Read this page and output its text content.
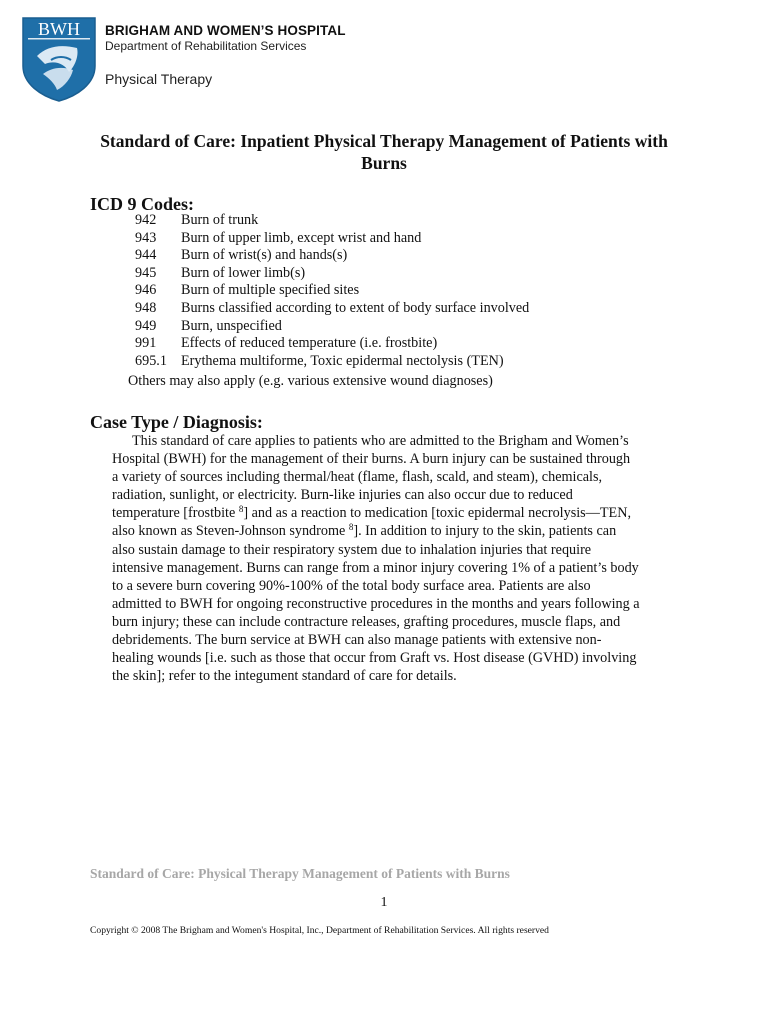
BWH BRIGHAM AND WOMEN’S HOSPITAL
Department of Rehabilitation Services
Physical Therapy
Standard of Care: Inpatient Physical Therapy Management of Patients with Burns
ICD 9 Codes:
942	Burn of trunk
943	Burn of upper limb, except wrist and hand
944	Burn of wrist(s) and hands(s)
945	Burn of lower limb(s)
946	Burn of multiple specified sites
948	Burns classified according to extent of body surface involved
949	Burn, unspecified
991	Effects of reduced temperature (i.e. frostbite)
695.1 Erythema multiforme, Toxic epidermal nectolysis (TEN)
Others may also apply (e.g. various extensive wound diagnoses)
Case Type / Diagnosis:

This standard of care applies to patients who are admitted to the Brigham and Women’s
Hospital (BWH) for the management of their burns. A burn injury can be sustained through
a variety of sources including thermal/heat (flame, flash, scald, and steam), chemicals,
radiation, sunlight, or electricity. Burn-like injuries can also occur due to reduced
temperature [frostbite $^8$] and as a reaction to medication [toxic epidermal necrolysis—TEN,
also known as Steven-Johnson syndrome $^8$]. In addition to injury to the skin, patients can
also sustain damage to their respiratory system due to inhalation injuries that require
intensive management. Burns can range from a minor injury covering 1% of a patient’s body
to a severe burn covering 90%-100% of the total body surface area. Patients are also
admitted to BWH for ongoing reconstructive procedures in the months and years following a
burn injury; these can include contracture releases, grafting procedures, muscle flaps, and
debridements. The burn service at BWH can also manage patients with extensive non-
healing wounds [i.e. such as those that occur from Graft vs. Host disease (GVHD) involving
the skin]; refer to the integument standard of care for details.

Standard of Care: Physical Therapy Management of Patients with Burns
1
Copyright © 2008 The Brigham and Women's Hospital, Inc., Department of Rehabilitation Services. All rights reserved
